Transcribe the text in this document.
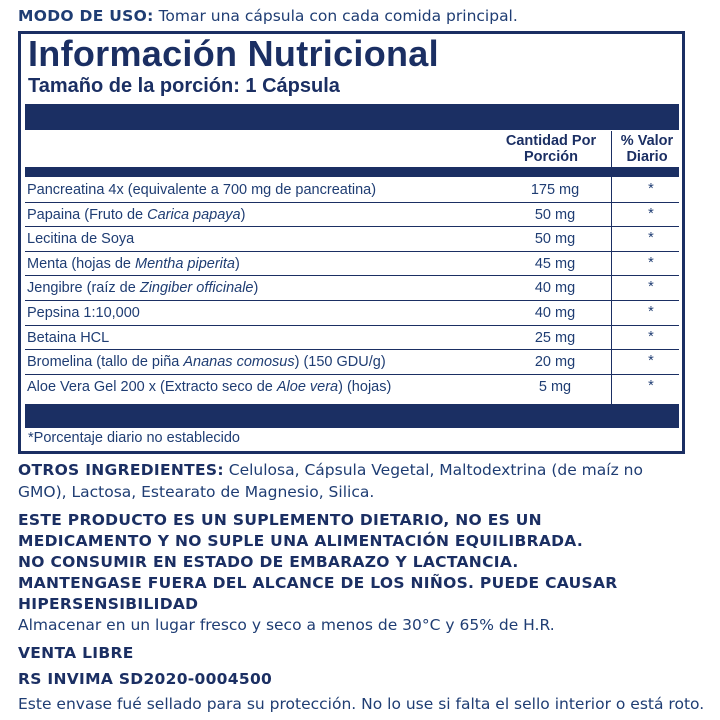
MODO DE USO: Tomar una cápsula con cada comida principal.
Información Nutricional
Tamaño de la porción: 1 Cápsula
Cantidad Por
Porción
% Valor
Diario
Pancreatina 4x (equivalente a 700 mg de pancreatina)	175 mg	*
Papaina (Fruto de Carica papaya)	50 mg	*
Lecitina de Soya	50 mg	*
Menta (hojas de Mentha piperita)	45 mg	*
Jengibre (raíz de Zingiber officinale)	40 mg	*
Pepsina 1:10,000	40 mg	*
Betaina HCL	25 mg	*
Bromelina (tallo de piña Ananas comosus) (150 GDU/g)	20 mg	*
Aloe Vera Gel 200 x (Extracto seco de Aloe vera) (hojas)	5 mg	*
*Porcentaje diario no establecido
OTROS INGREDIENTES: Celulosa, Cápsula Vegetal, Maltodextrina (de maíz no
GMO), Lactosa, Estearato de Magnesio, Silica.
ESTE PRODUCTO ES UN SUPLEMENTO DIETARIO, NO ES UN
MEDICAMENTO Y NO SUPLE UNA ALIMENTACIÓN EQUILIBRADA.
NO CONSUMIR EN ESTADO DE EMBARAZO Y LACTANCIA.
MANTENGASE FUERA DEL ALCANCE DE LOS NIÑOS. PUEDE CAUSAR
HIPERSENSIBILIDAD
Almacenar en un lugar fresco y seco a menos de 30°C y 65% de H.R.
VENTA LIBRE
RS INVIMA SD2020-0004500
Este envase fué sellado para su protección. No lo use si falta el sello interior o está roto.
